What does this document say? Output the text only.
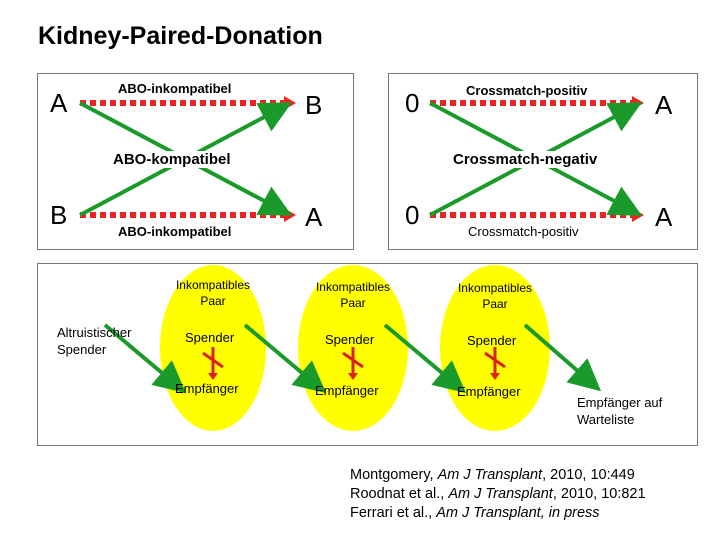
Kidney-Paired-Donation
A
B
B
A
ABO-inkompatibel
ABO-kompatibel
ABO-inkompatibel
0
0
A
A
Crossmatch-positiv
Crossmatch-negativ
Crossmatch-positiv
Altruistischer Spender
Inkompatibles Paar
Spender
Empfänger
Inkompatibles Paar
Spender
Empfänger
Inkompatibles Paar
Spender
Empfänger
Empfänger auf Warteliste
Montgomery, Am J Transplant, 2010, 10:449
Roodnat et al., Am J Transplant, 2010, 10:821
Ferrari et al., Am J Transplant, in press
